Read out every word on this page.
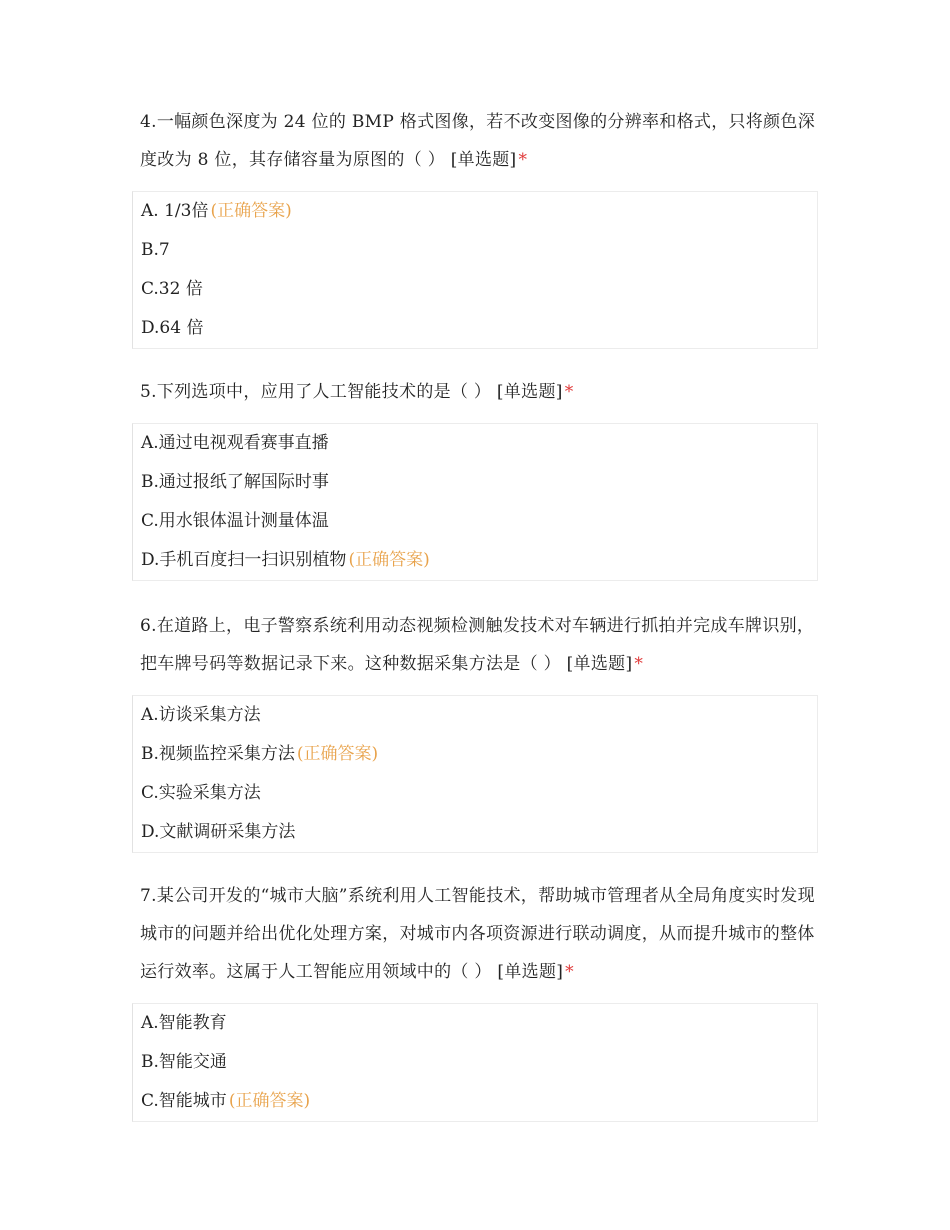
4.一幅颜色深度为 24 位的 BMP 格式图像，若不改变图像的分辨率和格式，只将颜色深度改为 8 位，其存储容量为原图的（ ） [单选题] *

A. 1/3倍 (正确答案)
B.7
C.32 倍
D.64 倍

5.下列选项中，应用了人工智能技术的是（ ） [单选题] *

A.通过电视观看赛事直播
B.通过报纸了解国际时事
C.用水银体温计测量体温
D.手机百度扫一扫识别植物 (正确答案)

6.在道路上，电子警察系统利用动态视频检测触发技术对车辆进行抓拍并完成车牌识别，把车牌号码等数据记录下来。这种数据采集方法是（ ） [单选题] *

A.访谈采集方法
B.视频监控采集方法 (正确答案)
C.实验采集方法
D.文献调研采集方法

7.某公司开发的“城市大脑”系统利用人工智能技术，帮助城市管理者从全局角度实时发现城市的问题并给出优化处理方案，对城市内各项资源进行联动调度，从而提升城市的整体运行效率。这属于人工智能应用领域中的（ ） [单选题] *

A.智能教育
B.智能交通
C.智能城市 (正确答案)
